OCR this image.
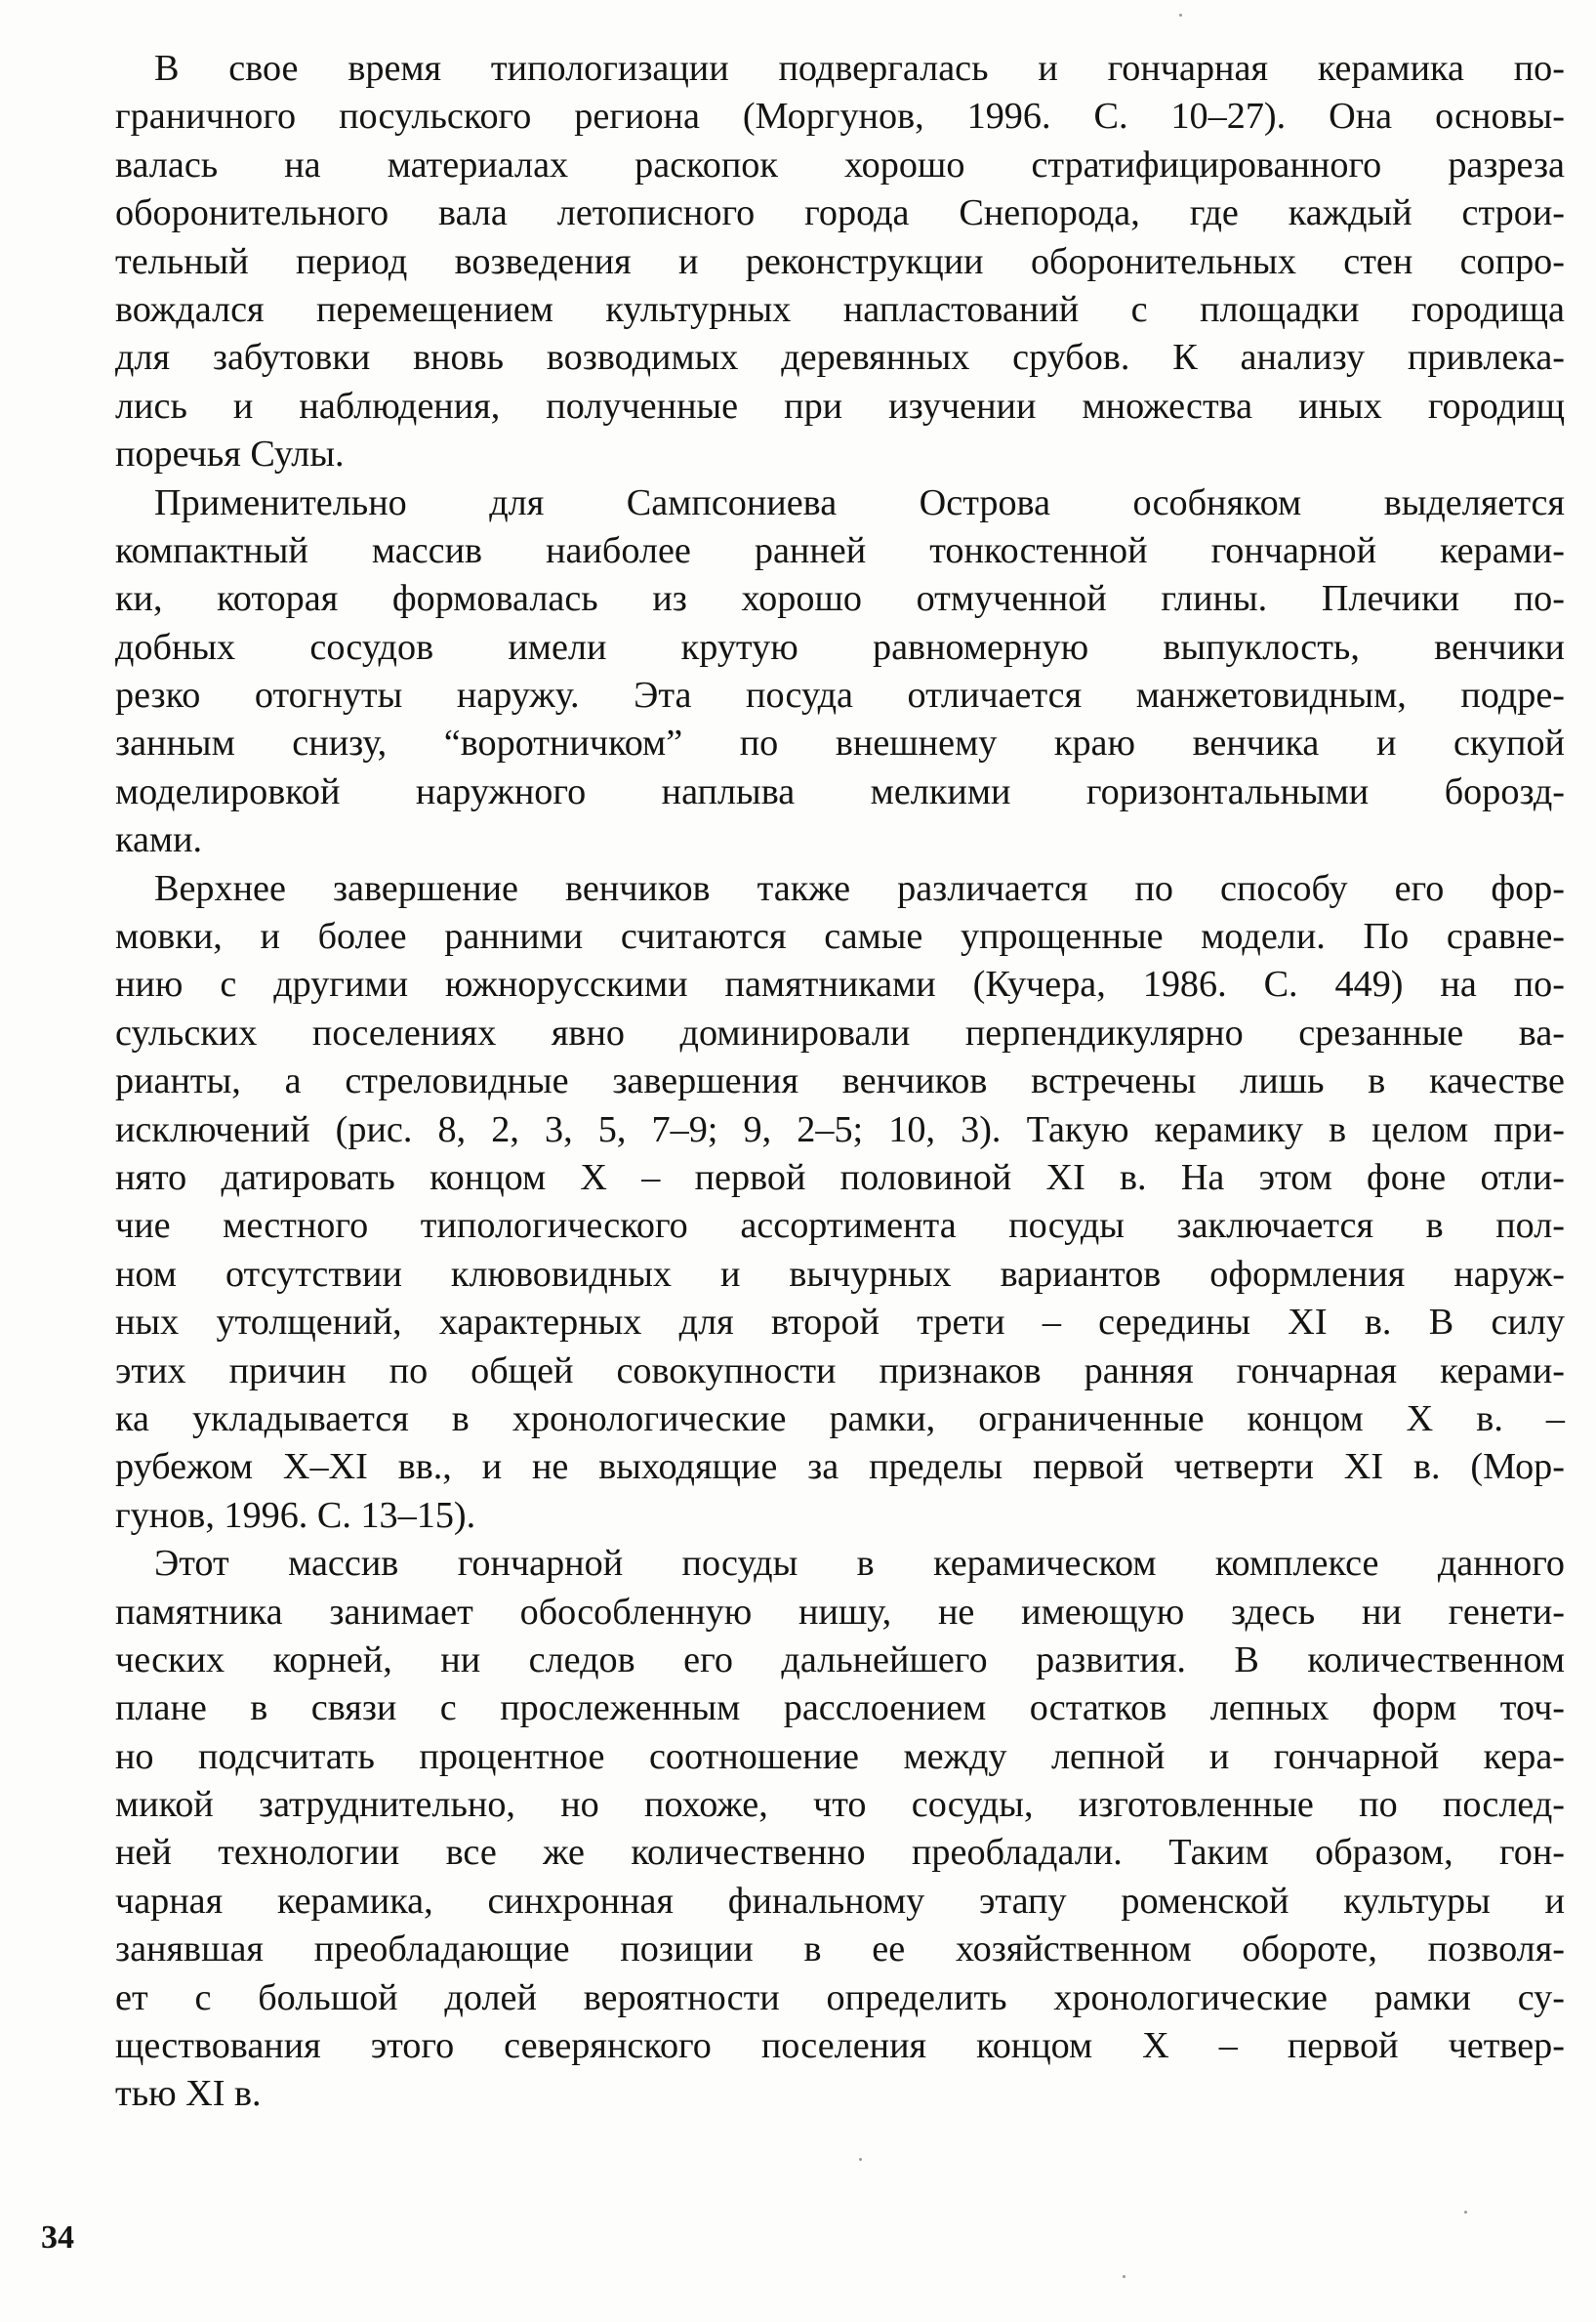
В свое время типологизации подвергалась и гончарная керамика по-
граничного посульского региона (Моргунов, 1996. С. 10–27). Она основы-
валась на материалах раскопок хорошо стратифицированного разреза
оборонительного вала летописного города Снепорода, где каждый строи-
тельный период возведения и реконструкции оборонительных стен сопро-
вождался перемещением культурных напластований с площадки городища
для забутовки вновь возводимых деревянных срубов. К анализу привлека-
лись и наблюдения, полученные при изучении множества иных городищ
поречья Сулы.

Применительно для Сампсониева Острова особняком выделяется
компактный массив наиболее ранней тонкостенной гончарной керами-
ки, которая формовалась из хорошо отмученной глины. Плечики по-
добных сосудов имели крутую равномерную выпуклость, венчики
резко отогнуты наружу. Эта посуда отличается манжетовидным, подре-
занным снизу, “воротничком” по внешнему краю венчика и скупой
моделировкой наружного наплыва мелкими горизонтальными борозд-
ками.

Верхнее завершение венчиков также различается по способу его фор-
мовки, и более ранними считаются самые упрощенные модели. По сравне-
нию с другими южнорусскими памятниками (Кучера, 1986. С. 449) на по-
сульских поселениях явно доминировали перпендикулярно срезанные ва-
рианты, а стреловидные завершения венчиков встречены лишь в качестве
исключений (рис. 8, 2, 3, 5, 7–9; 9, 2–5; 10, 3). Такую керамику в целом при-
нято датировать концом X – первой половиной XI в. На этом фоне отли-
чие местного типологического ассортимента посуды заключается в пол-
ном отсутствии клювовидных и вычурных вариантов оформления наруж-
ных утолщений, характерных для второй трети – середины XI в. В силу
этих причин по общей совокупности признаков ранняя гончарная керами-
ка укладывается в хронологические рамки, ограниченные концом X в. –
рубежом X–XI вв., и не выходящие за пределы первой четверти XI в. (Мор-
гунов, 1996. С. 13–15).

Этот массив гончарной посуды в керамическом комплексе данного
памятника занимает обособленную нишу, не имеющую здесь ни генети-
ческих корней, ни следов его дальнейшего развития. В количественном
плане в связи с прослеженным расслоением остатков лепных форм точ-
но подсчитать процентное соотношение между лепной и гончарной кера-
микой затруднительно, но похоже, что сосуды, изготовленные по послед-
ней технологии все же количественно преобладали. Таким образом, гон-
чарная керамика, синхронная финальному этапу роменской культуры и
занявшая преобладающие позиции в ее хозяйственном обороте, позволя-
ет с большой долей вероятности определить хронологические рамки су-
ществования этого северянского поселения концом X – первой четвер-
тью XI в.

34
